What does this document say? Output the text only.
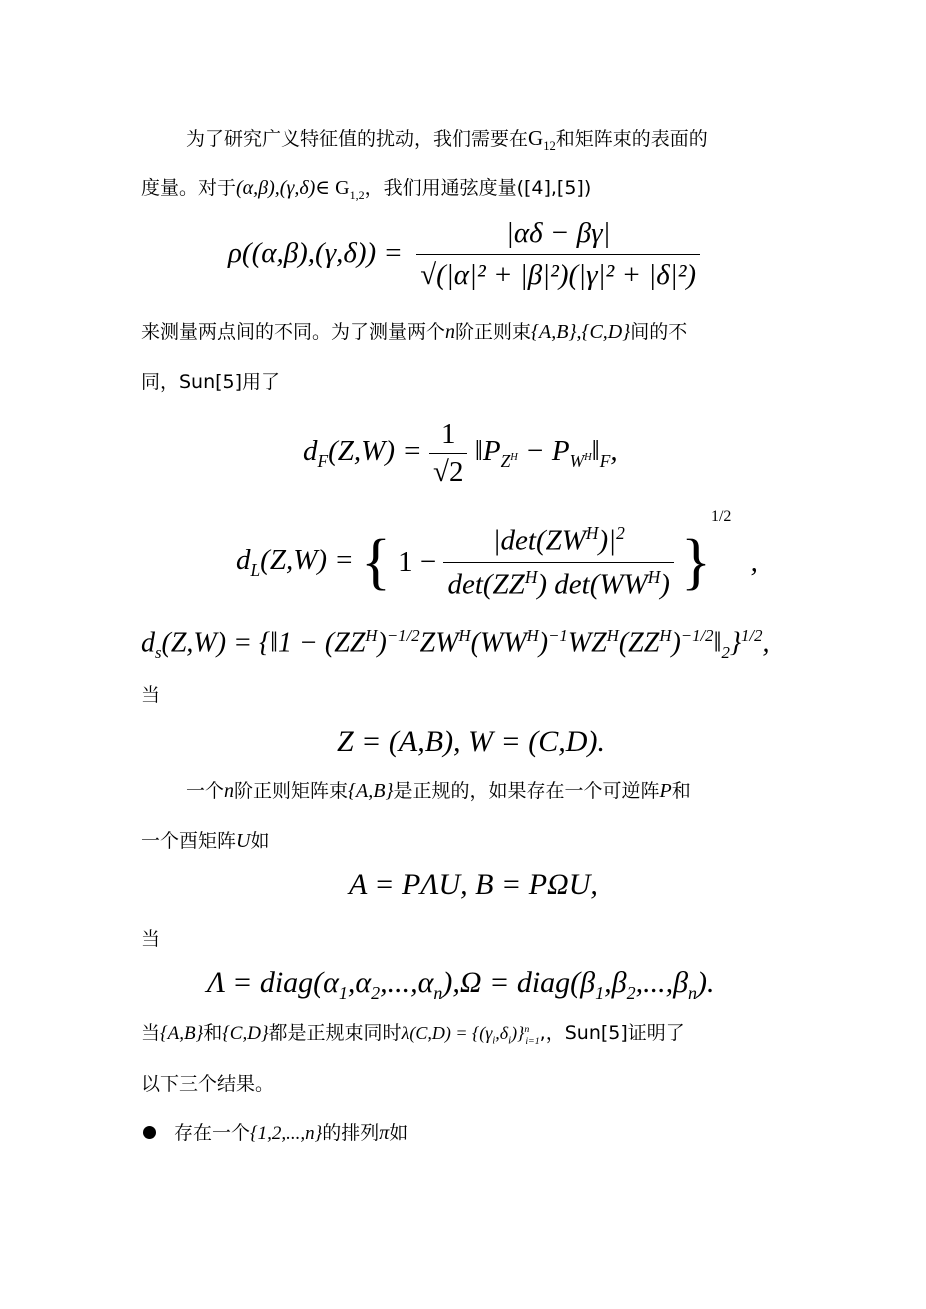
为了研究广义特征值的扰动，我们需要在$G_{12}$和矩阵束的表面的
度量。对于(α,β),(γ,δ)∈ $G_{1,2}$，我们用通弦度量([4],[5])
$\rho((\alpha,\beta),(\gamma,\delta)) = \frac{|\alpha\delta - \beta\gamma|}{\text{√(|α|² + |β|²)(|γ|² + |δ|²)}}$
来测量两点间的不同。为了测量两个n阶正则束{A,B},{C,D}间的不
同，Sun[5]用了
$d_F(Z,W) = \frac{1}{√2}$ $‖P_{Z^H}$ − $P_{W^H}‖_F$,
$d_L(Z,W)$ = { $1 - \frac{|\det(ZW^H)|^2}{\det(ZZ^H) \det(WW^H)} \}^{1/2}$ ,
$d_s(Z,W)$ = {‖1 − $(ZZ^H)^{-1/2}ZW^H(WW^H)^{-1}WZ^H(ZZ^H)^{-1/2}‖_2\}^{1/2}$,
当
Z = (A,B), W = (C,D).
一个n阶正则矩阵束{A,B}是正规的，如果存在一个可逆阵P和
一个酉矩阵U如
A = PΛU, B = PΩU,
当
$\Lambda = diag(\alpha_1,\alpha_2,...,\alpha_n),\Omega$ = $diag(\beta_1,\beta_2,...,\beta_n)$.
当{A,B}和{C,D}都是正规束同时$\lambda(C,D) = \{(\gamma_i,\delta_i)\}^n_{i=1}$,，Sun[5]证明了
以下三个结果。
存在一个{1,2,...,n}的排列π如
